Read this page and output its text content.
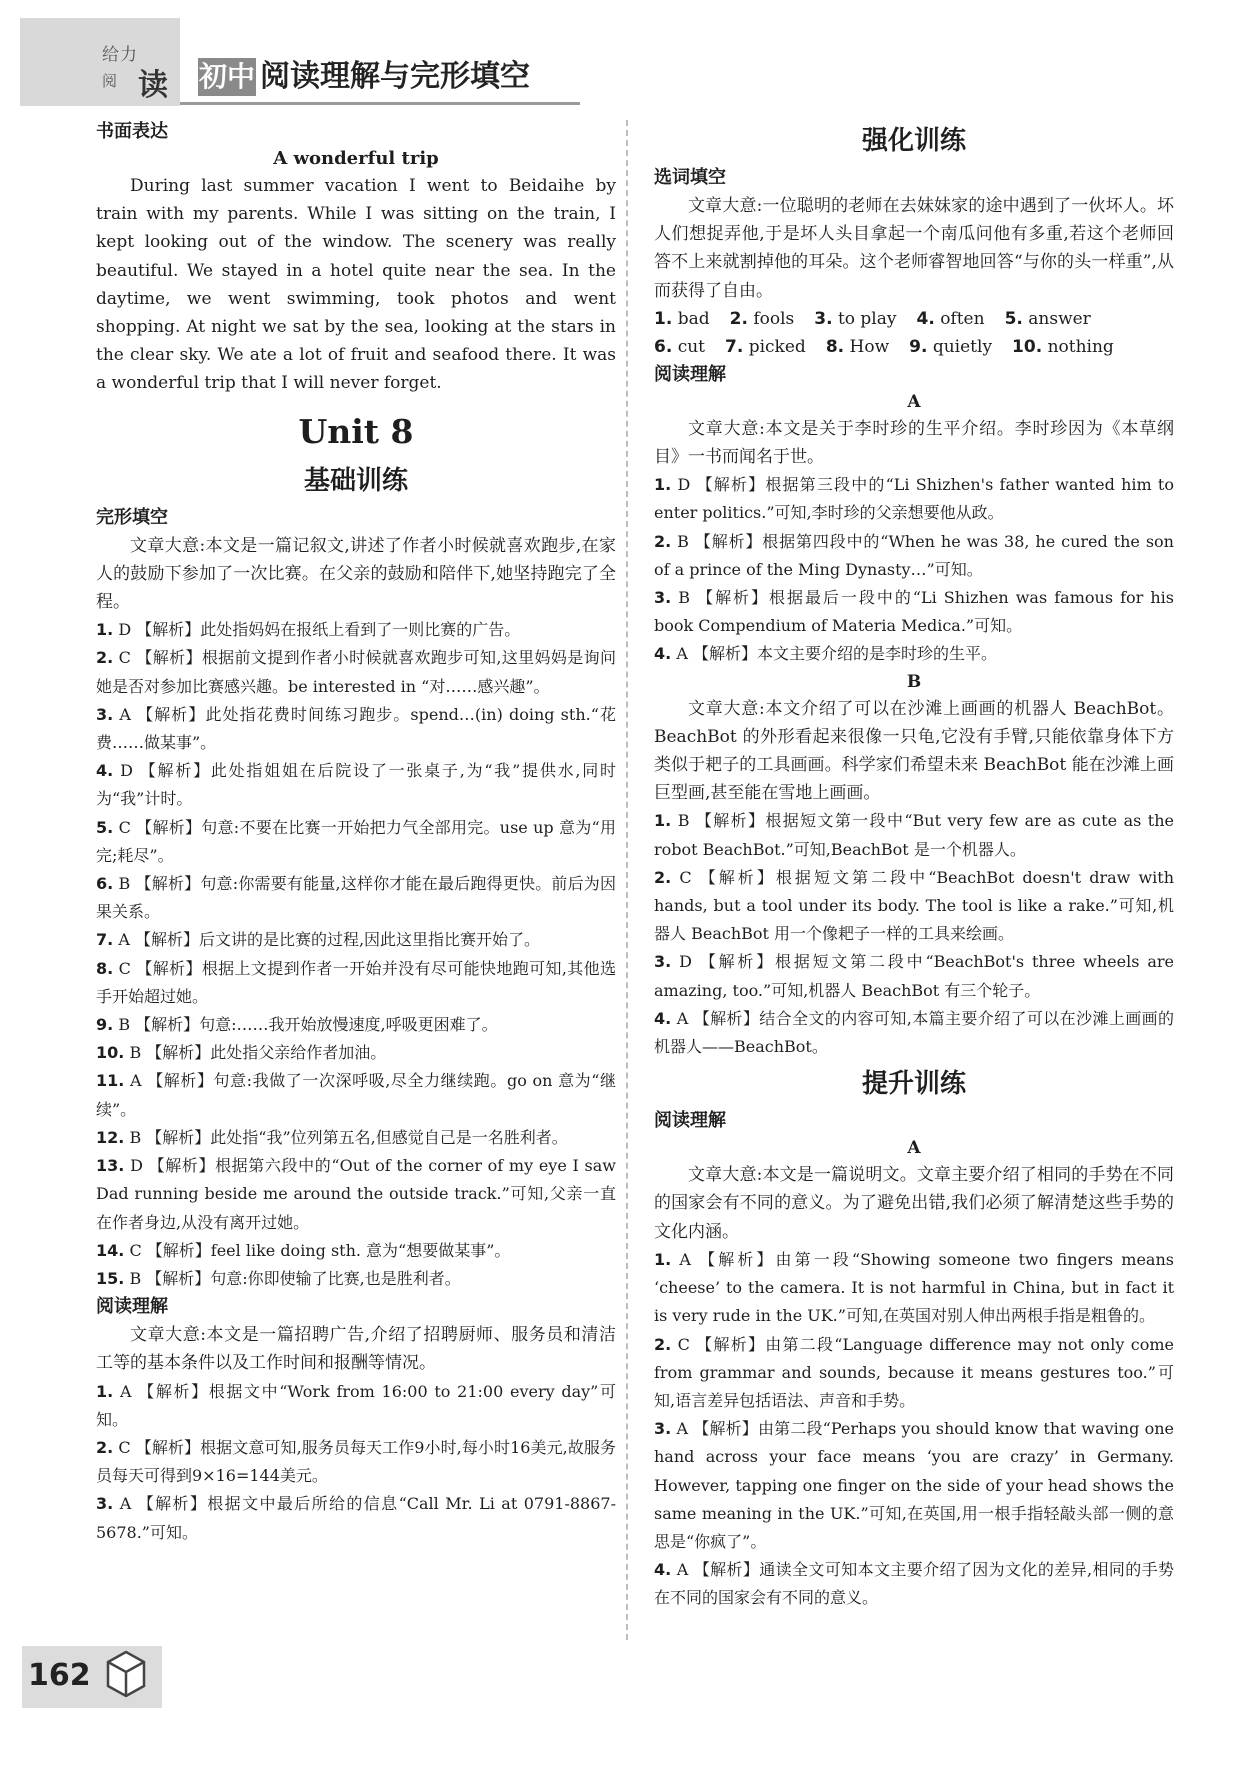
给力
阅 读 初中 阅读理解与完形填空

书面表达

A wonderful trip

During last summer vacation I went to Beidaihe by train with my parents. While I was sitting on the train, I kept looking out of the window. The scenery was really beautiful. We stayed in a hotel quite near the sea. In the daytime, we went swimming, took photos and went shopping. At night we sat by the sea, looking at the stars in the clear sky. We ate a lot of fruit and seafood there. It was a wonderful trip that I will never forget.

Unit 8

基础训练

完形填空

文章大意:本文是一篇记叙文,讲述了作者小时候就喜欢跑步,在家人的鼓励下参加了一次比赛。在父亲的鼓励和陪伴下,她坚持跑完了全程。

1. D 【解析】此处指妈妈在报纸上看到了一则比赛的广告。

2. C 【解析】根据前文提到作者小时候就喜欢跑步可知,这里妈妈是询问她是否对参加比赛感兴趣。be interested in “对……感兴趣”。

3. A 【解析】此处指花费时间练习跑步。spend…(in) doing sth.“花费……做某事”。

4. D 【解析】此处指姐姐在后院设了一张桌子,为“我”提供水,同时为“我”计时。

5. C 【解析】句意:不要在比赛一开始把力气全部用完。use up 意为“用完;耗尽”。

6. B 【解析】句意:你需要有能量,这样你才能在最后跑得更快。前后为因果关系。

7. A 【解析】后文讲的是比赛的过程,因此这里指比赛开始了。

8. C 【解析】根据上文提到作者一开始并没有尽可能快地跑可知,其他选手开始超过她。

9. B 【解析】句意:……我开始放慢速度,呼吸更困难了。

10. B 【解析】此处指父亲给作者加油。

11. A 【解析】句意:我做了一次深呼吸,尽全力继续跑。go on 意为“继续”。

12. B 【解析】此处指“我”位列第五名,但感觉自己是一名胜利者。

13. D 【解析】根据第六段中的“Out of the corner of my eye I saw Dad running beside me around the outside track.”可知,父亲一直在作者身边,从没有离开过她。

14. C 【解析】feel like doing sth. 意为“想要做某事”。

15. B 【解析】句意:你即使输了比赛,也是胜利者。

阅读理解

文章大意:本文是一篇招聘广告,介绍了招聘厨师、服务员和清洁工等的基本条件以及工作时间和报酬等情况。

1. A 【解析】根据文中“Work from 16:00 to 21:00 every day”可知。

2. C 【解析】根据文意可知,服务员每天工作9小时,每小时16美元,故服务员每天可得到9×16=144美元。

3. A 【解析】根据文中最后所给的信息“Call Mr. Li at 0791-8867-5678.”可知。

强化训练

选词填空

文章大意:一位聪明的老师在去妹妹家的途中遇到了一伙坏人。坏人们想捉弄他,于是坏人头目拿起一个南瓜问他有多重,若这个老师回答不上来就割掉他的耳朵。这个老师睿智地回答“与你的头一样重”,从而获得了自由。

1. bad 2. fools 3. to play 4. often 5. answer
6. cut 7. picked 8. How 9. quietly 10. nothing

阅读理解

A

文章大意:本文是关于李时珍的生平介绍。李时珍因为《本草纲目》一书而闻名于世。

1. D 【解析】根据第三段中的“Li Shizhen's father wanted him to enter politics.”可知,李时珍的父亲想要他从政。

2. B 【解析】根据第四段中的“When he was 38, he cured the son of a prince of the Ming Dynasty…”可知。

3. B 【解析】根据最后一段中的“Li Shizhen was famous for his book Compendium of Materia Medica.”可知。

4. A 【解析】本文主要介绍的是李时珍的生平。

B

文章大意:本文介绍了可以在沙滩上画画的机器人 BeachBot。BeachBot 的外形看起来很像一只龟,它没有手臂,只能依靠身体下方类似于耙子的工具画画。科学家们希望未来 BeachBot 能在沙滩上画巨型画,甚至能在雪地上画画。

1. B 【解析】根据短文第一段中“But very few are as cute as the robot BeachBot.”可知,BeachBot 是一个机器人。

2. C 【解析】根据短文第二段中“BeachBot doesn't draw with hands, but a tool under its body. The tool is like a rake.”可知,机器人 BeachBot 用一个像耙子一样的工具来绘画。

3. D 【解析】根据短文第二段中“BeachBot's three wheels are amazing, too.”可知,机器人 BeachBot 有三个轮子。

4. A 【解析】结合全文的内容可知,本篇主要介绍了可以在沙滩上画画的机器人——BeachBot。

提升训练

阅读理解

A

文章大意:本文是一篇说明文。文章主要介绍了相同的手势在不同的国家会有不同的意义。为了避免出错,我们必须了解清楚这些手势的文化内涵。

1. A 【解析】由第一段“Showing someone two fingers means ‘cheese’ to the camera. It is not harmful in China, but in fact it is very rude in the UK.”可知,在英国对别人伸出两根手指是粗鲁的。

2. C 【解析】由第二段“Language difference may not only come from grammar and sounds, because it means gestures too.”可知,语言差异包括语法、声音和手势。

3. A 【解析】由第二段“Perhaps you should know that waving one hand across your face means ‘you are crazy’ in Germany. However, tapping one finger on the side of your head shows the same meaning in the UK.”可知,在英国,用一根手指轻敲头部一侧的意思是“你疯了”。

4. A 【解析】通读全文可知本文主要介绍了因为文化的差异,相同的手势在不同的国家会有不同的意义。

162
